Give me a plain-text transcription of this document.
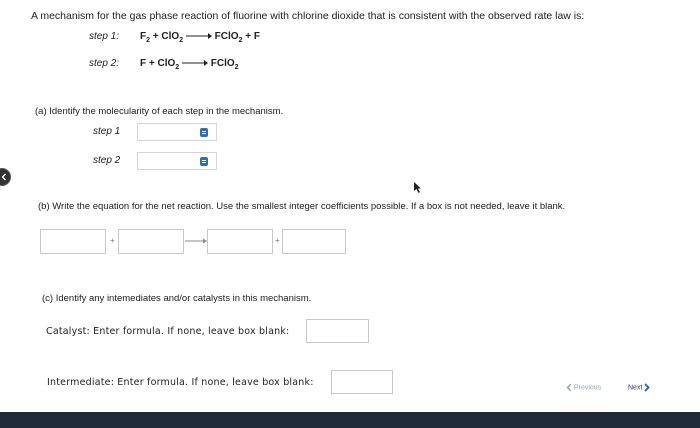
A mechanism for the gas phase reaction of fluorine with chlorine dioxide that is consistent with the observed rate law is:
step 1: $F_2 + ClO_2$ → FClO$_2$ + F
step 2: F + ClO$_2$ → FClO$_2$
(a) Identify the molecularity of each step in the mechanism.
step 1
step 2
(b) Write the equation for the net reaction. Use the smallest integer coefficients possible. If a box is not needed, leave it blank.
+	+
(c) Identify any intemediates and/or catalysts in this mechanism.
Catalyst: Enter formula. If none, leave box blank:
Intermediate: Enter formula. If none, leave box blank:	Previous	Next
